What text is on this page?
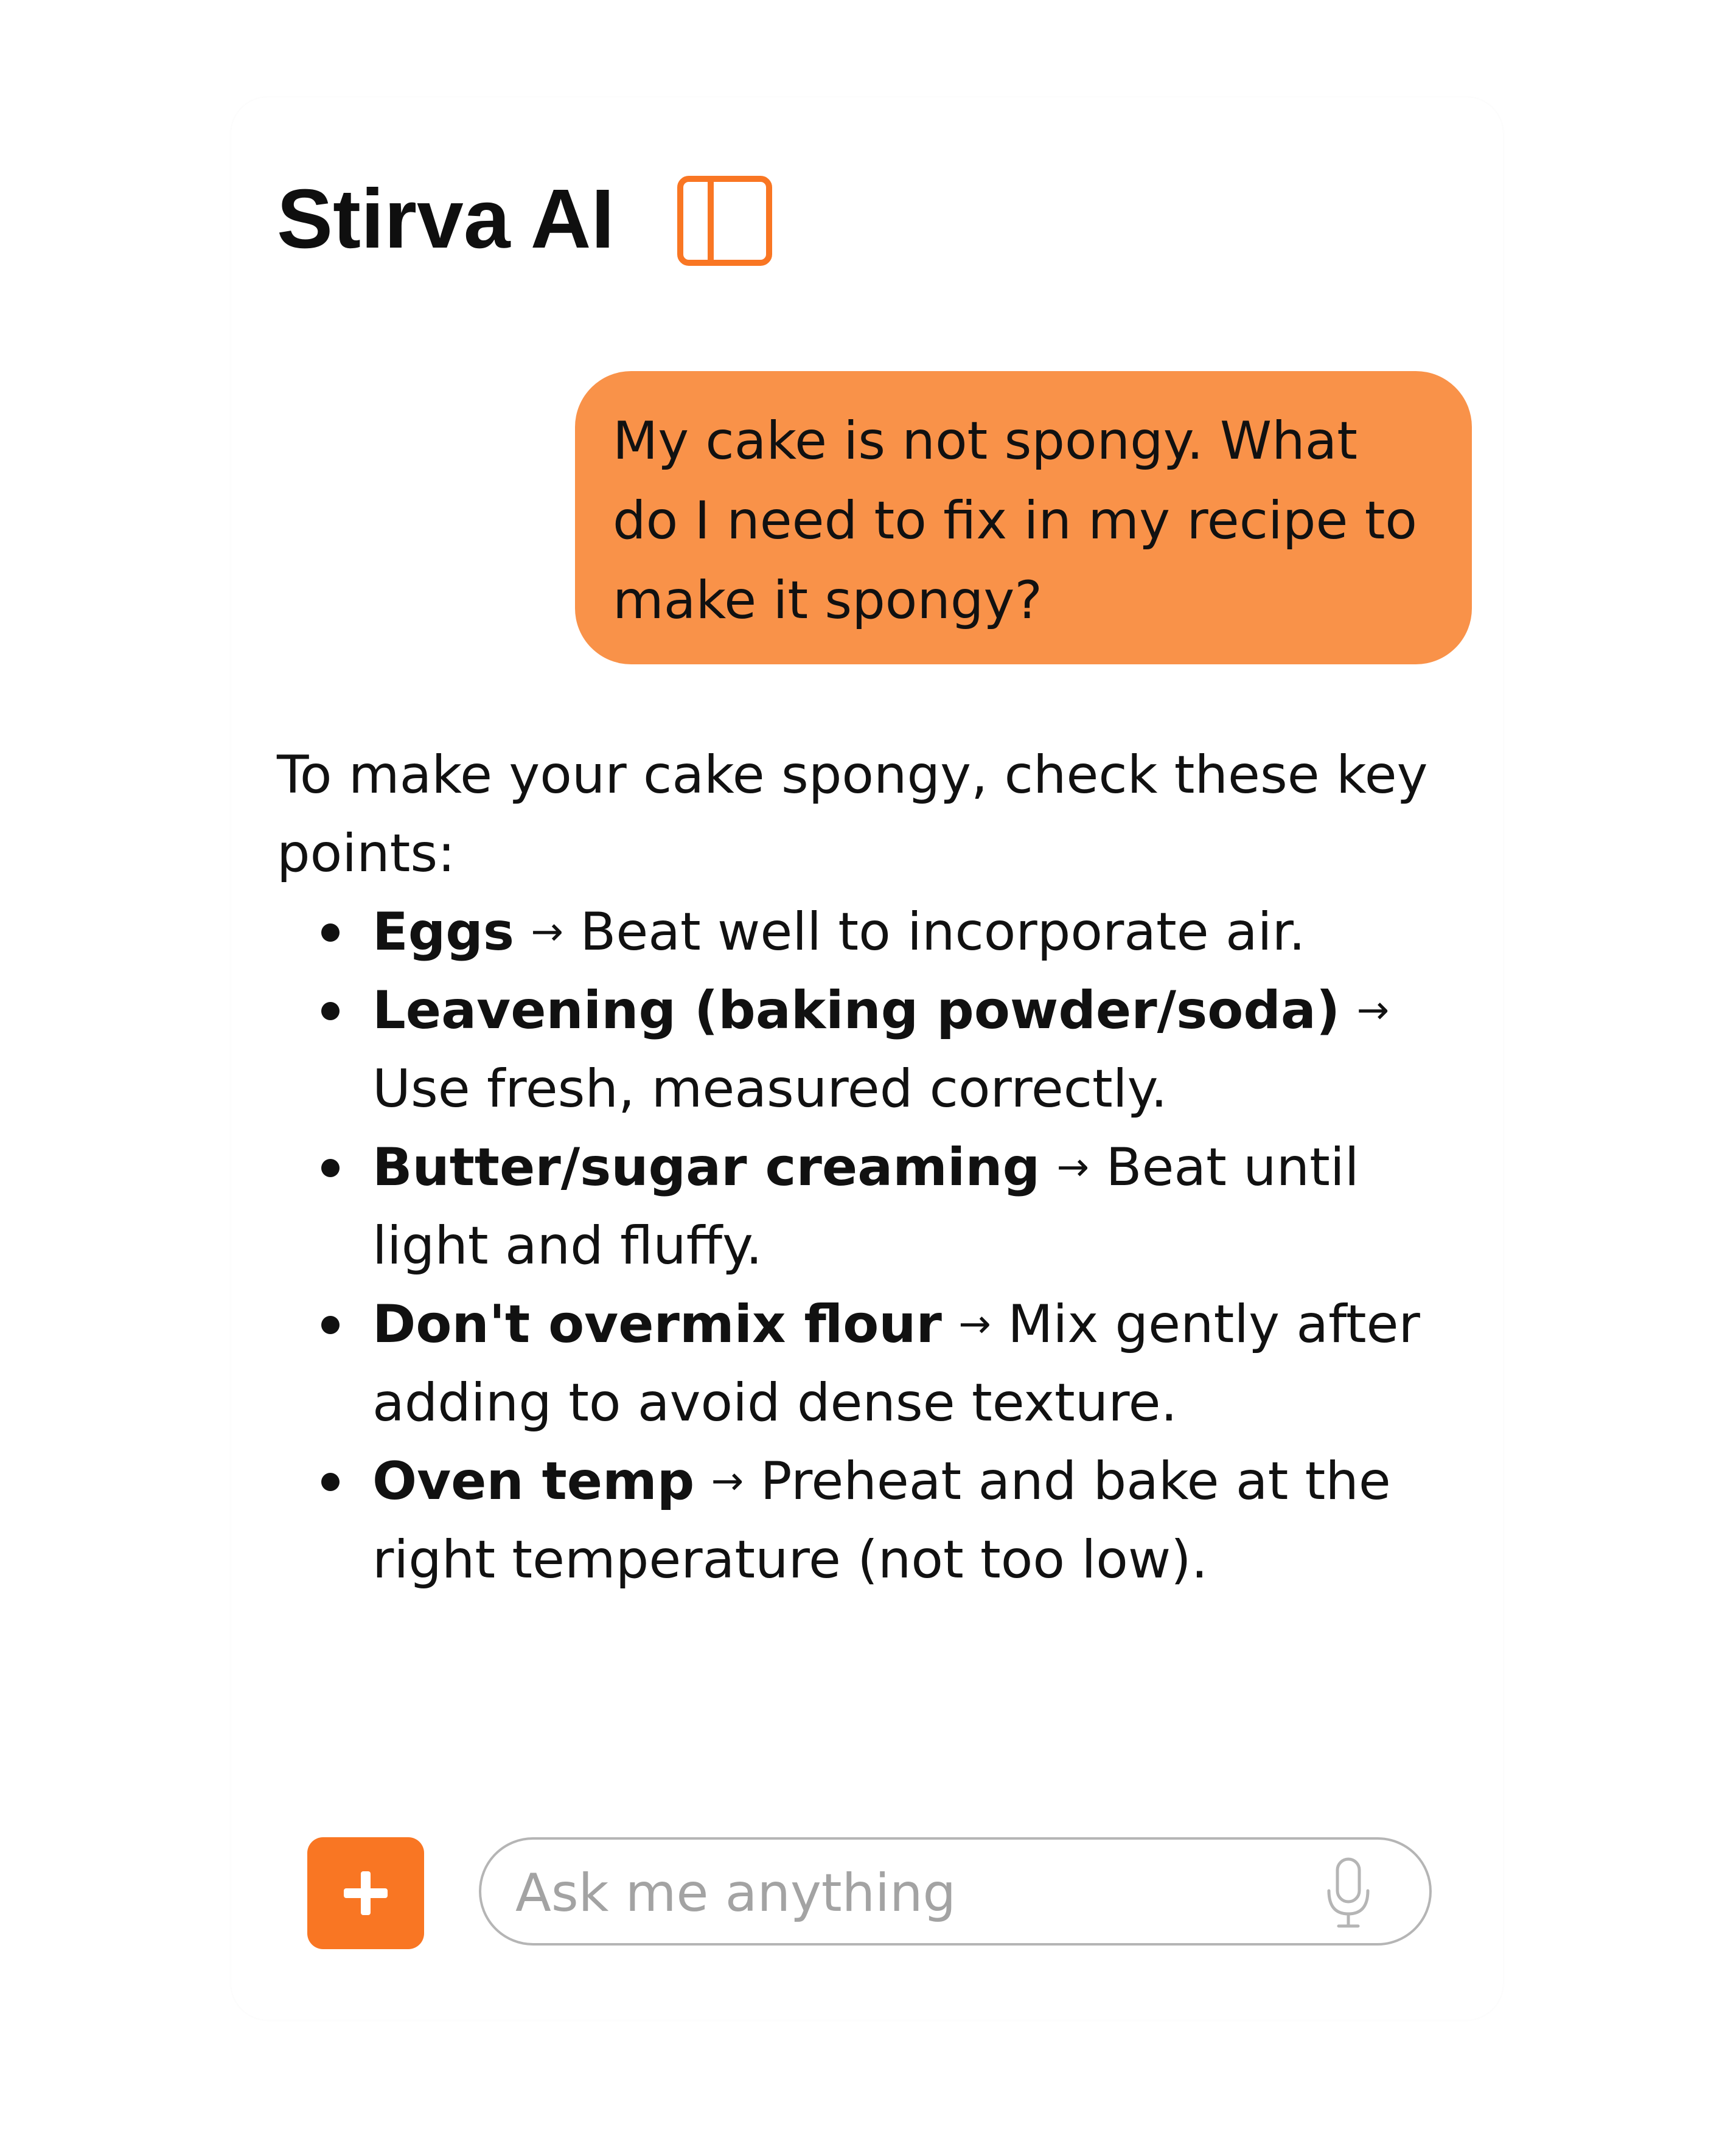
Stirva AI
My cake is not spongy. What do I need to fix in my recipe to make it spongy?

To make your cake spongy, check these key points:

Eggs → Beat well to incorporate air.
Leavening (baking powder/soda) → Use fresh, measured correctly.
Butter/sugar creaming → Beat until light and fluffy.
Don't overmix flour → Mix gently after adding to avoid dense texture.
Oven temp → Preheat and bake at the right temperature (not too low).
Ask me anything
